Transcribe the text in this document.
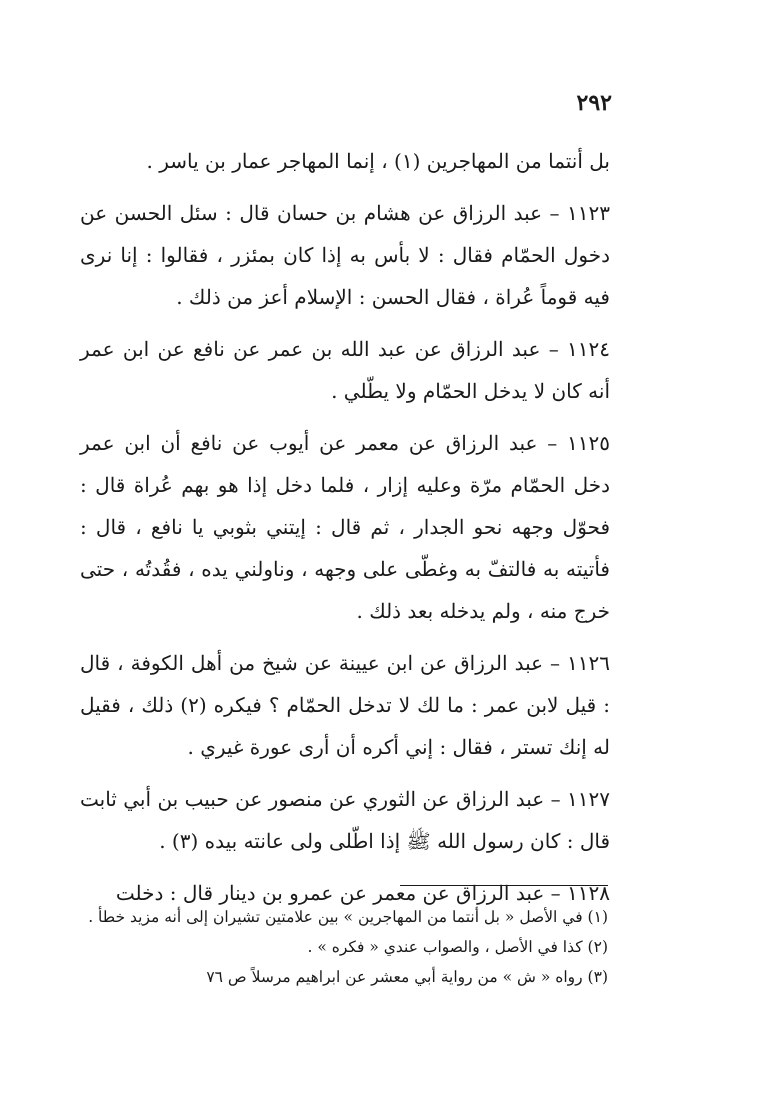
٢٩٢

بل أنتما من المهاجرين (١) ، إنما المهاجر عمار بن ياسر .

١١٢٣ – عبد الرزاق عن هشام بن حسان قال : سئل الحسن عن دخول الحمّام فقال : لا بأس به إذا كان بمئزر ، فقالوا : إنا نرى فيه قوماً عُراة ، فقال الحسن : الإسلام أعز من ذلك .

١١٢٤ – عبد الرزاق عن عبد الله بن عمر عن نافع عن ابن عمر أنه كان لا يدخل الحمّام ولا يطّلي .

١١٢٥ – عبد الرزاق عن معمر عن أيوب عن نافع أن ابن عمر دخل الحمّام مرّة وعليه إزار ، فلما دخل إذا هو بهم عُراة قال : فحوّل وجهه نحو الجدار ، ثم قال : إيتني بثوبي يا نافع ، قال : فأتيته به فالتفّ به وغطّى على وجهه ، وناولني يده ، فقُدتُه ، حتى خرج منه ، ولم يدخله بعد ذلك .

١١٢٦ – عبد الرزاق عن ابن عيينة عن شيخ من أهل الكوفة ، قال : قيل لابن عمر : ما لك لا تدخل الحمّام ؟ فيكره (٢) ذلك ، فقيل له إنك تستر ، فقال : إني أكره أن أرى عورة غيري .

١١٢٧ – عبد الرزاق عن الثوري عن منصور عن حبيب بن أبي ثابت قال : كان رسول الله ﷺ إذا اطّلى ولى عانته بيده (٣) .

١١٢٨ – عبد الرزاق عن معمر عن عمرو بن دينار قال : دخلت

(١) في الأصل « بل أنتما من المهاجرين » بين علامتين تشيران إلى أنه مزيد خطأ .

(٢) كذا في الأصل ، والصواب عندي « فكره » .

(٣) رواه « ش » من رواية أبي معشر عن ابراهيم مرسلاً ص ٧٦
